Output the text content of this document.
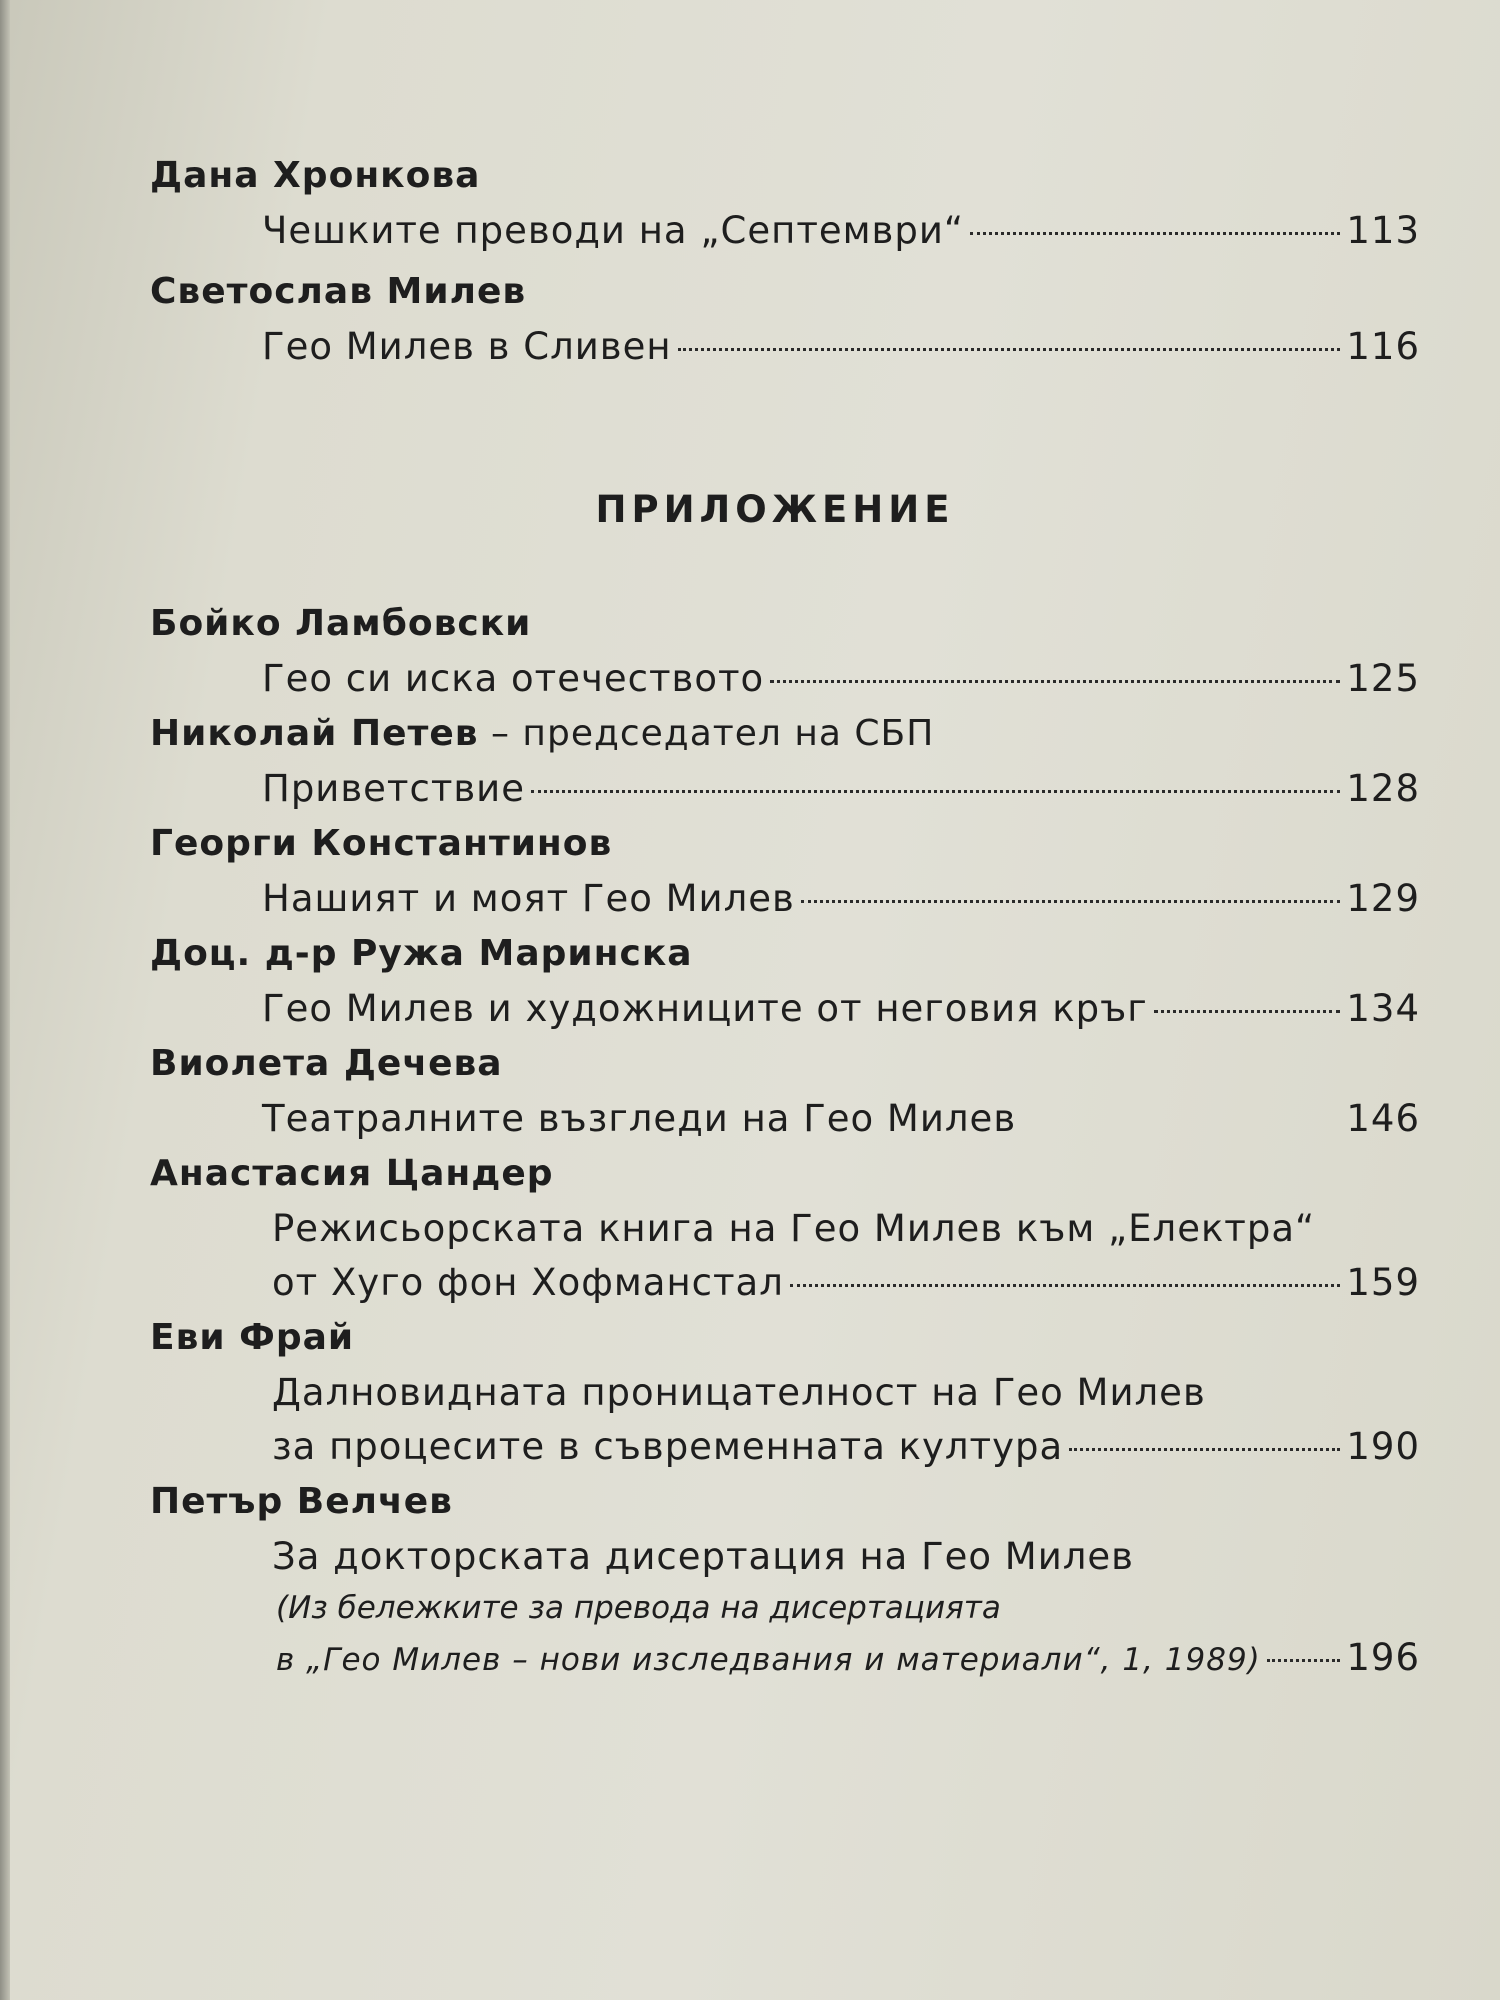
Дана Хронкова
Чешките преводи на „Септември“	113
Светослав Милев
Гео Милев в Сливен	116
ПРИЛОЖЕНИЕ
Бойко Ламбовски
Гео си иска отечеството	125
Николай Петев – председател на СБП
Приветствие	128
Георги Константинов
Нашият и моят Гео Милев	129
Доц. д-р Ружа Маринска
Гео Милев и художниците от неговия кръг	134
Виолета Дечева
Театралните възгледи на Гео Милев	146
Анастасия Цандер
Режисьорската книга на Гео Милев към „Електра“
от Хуго фон Хофманстал	159
Еви Фрай
Далновидната проницателност на Гео Милев
за процесите в съвременната култура	190
Петър Велчев
За докторската дисертация на Гео Милев
(Из бележките за превода на дисертацията
в „Гео Милев – нови изследвания и материали“, 1, 1989) 196
